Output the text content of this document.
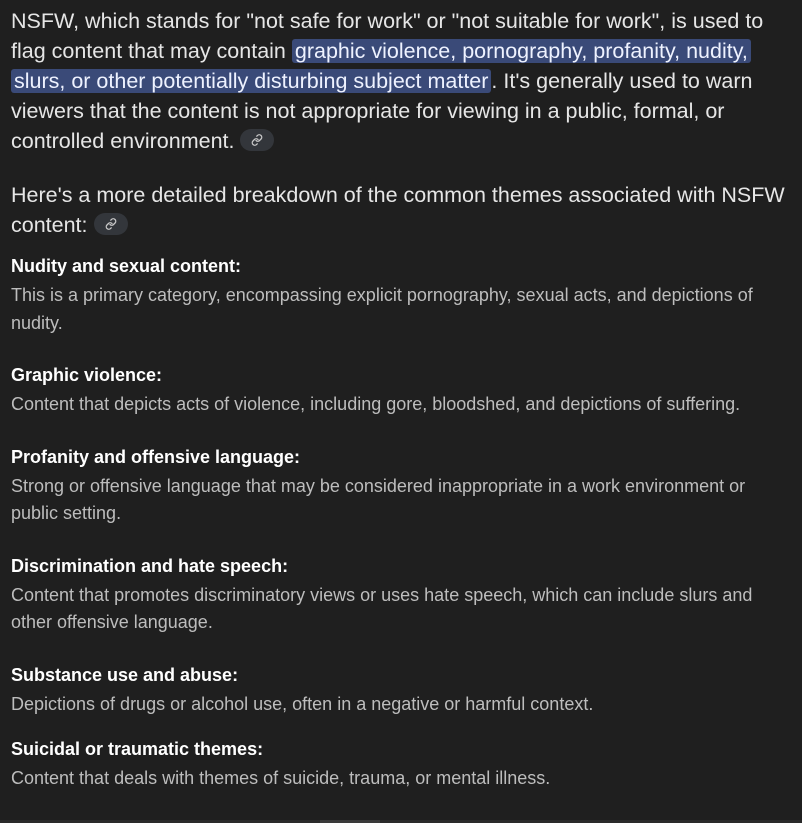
NSFW, which stands for "not safe for work" or "not suitable for work", is used to flag content that may contain graphic violence, pornography, profanity, nudity, slurs, or other potentially disturbing subject matter . It's generally used to warn viewers that the content is not appropriate for viewing in a public, formal, or controlled environment.

Here's a more detailed breakdown of the common themes associated with NSFW content:

Nudity and sexual content:

This is a primary category, encompassing explicit pornography, sexual acts, and depictions of nudity.

Graphic violence:

Content that depicts acts of violence, including gore, bloodshed, and depictions of suffering.

Profanity and offensive language:

Strong or offensive language that may be considered inappropriate in a work environment or public setting.

Discrimination and hate speech:

Content that promotes discriminatory views or uses hate speech, which can include slurs and other offensive language.

Substance use and abuse:

Depictions of drugs or alcohol use, often in a negative or harmful context.

Suicidal or traumatic themes:

Content that deals with themes of suicide, trauma, or mental illness.
